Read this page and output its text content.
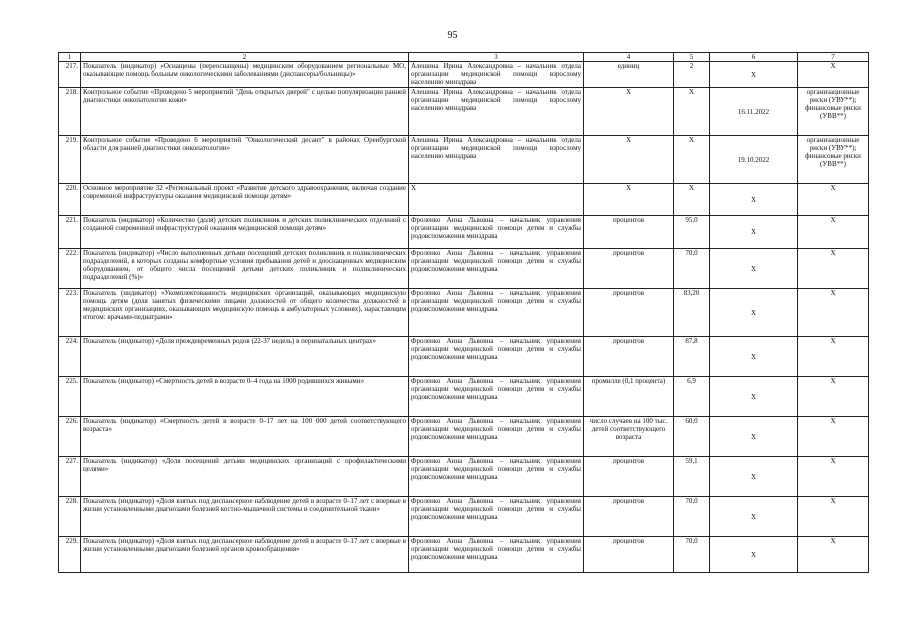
95
1	2	3	4	5	6	7
217.	Показатель (индикатор) «Оснащены (переоснащены) медицинским оборудованием региональные МО, оказывающие помощь больным онкологическими заболеваниями (диспансеры/больницы)»	Алешина Ирина Александровна – начальник отдела организации медицинской помощи взрослому населению минздрава	единиц	2	X	X
218.	Контрольное событие «Проведено 5 мероприятий "День открытых дверей" с целью популяризации ранней диагностики онкопатологии кожи»	Алешина Ирина Александровна – начальник отдела организации медицинской помощи взрослому населению минздрава	X	X	16.11.2022	организационные риски (УВУ**); финансовые риски (УВВ**)
219.	Контрольное событие «Проведено 6 мероприятий "Онкологический десант" в районах Оренбургской области для ранней диагностики онкопатологии»	Алешина Ирина Александровна – начальник отдела организации медицинской помощи взрослому населению минздрава	X	X	19.10.2022	организационные риски (УВУ**); финансовые риски (УВВ**)
220.	Основное мероприятие 32 «Региональный проект «Развитие детского здравоохранения, включая создание современной инфраструктуры оказания медицинской помощи детям»	X	X	X	X	X
221.	Показатель (индикатор) «Количество (доля) детских поликлиник и детских поликлинических отделений с созданной современной инфраструктурой оказания медицинской помощи детям»	Фроленко Анна Львовна – начальник управления организации медицинской помощи детям и службы родовспоможения минздрава	процентов	95,0	X	X
222.	Показатель (индикатор) «Число выполненных детьми посещений детских поликлиник и поликлинических подразделений, в которых созданы комфортные условия пребывания детей и дооснащенных медицинским оборудованием, от общего числа посещений детьми детских поликлиник и поликлинических подразделений (%)»	Фроленко Анна Львовна – начальник управления организации медицинской помощи детям и службы родовспоможения минздрава	процентов	70,0	X	X
223.	Показатель (индикатор) «Укомплектованность медицинских организаций, оказывающих медицинскую помощь детям (доля занятых физическими лицами должностей от общего количества должностей в медицинских организациях, оказывающих медицинскую помощь в амбулаторных условиях), нарастающим итогом: врачами-педиатрами»	Фроленко Анна Львовна – начальник управления организации медицинской помощи детям и службы родовспоможения минздрава	процентов	83,20	X	X
224.	Показатель (индикатор) «Доля преждевременных родов (22-37 недель) в перинатальных центрах»	Фроленко Анна Львовна – начальник управления организации медицинской помощи детям и службы родовспоможения минздрава	процентов	87,8	X	X
225.	Показатель (индикатор) «Смертность детей в возрасте 0–4 года на 1000 родившихся живыми»	Фроленко Анна Львовна – начальник управления организации медицинской помощи детям и службы родовспоможения минздрава	промилле (0,1 процента)	6,9	X	X
226.	Показатель (индикатор) «Смертность детей в возрасте 0–17 лет на 100 000 детей соответствующего возраста»	Фроленко Анна Львовна – начальник управления организации медицинской помощи детям и службы родовспоможения минздрава	число случаев на 100 тыс. детей соответствующего возраста	60,0	X	X
227.	Показатель (индикатор) «Доля посещений детьми медицинских организаций с профилактическими целями»	Фроленко Анна Львовна – начальник управления организации медицинской помощи детям и службы родовспоможения минздрава	процентов	59,1	X	X
228.	Показатель (индикатор) «Доля взятых под диспансерное наблюдение детей в возрасте 0–17 лет с впервые в жизни установленными диагнозами болезней костно-мышечной системы и соединительной ткани»	Фроленко Анна Львовна – начальник управления организации медицинской помощи детям и службы родовспоможения минздрава	процентов	70,0	X	X
229.	Показатель (индикатор) «Доля взятых под диспансерное наблюдение детей в возрасте 0–17 лет с впервые в жизни установленными диагнозами болезней органов кровообращения»	Фроленко Анна Львовна – начальник управления организации медицинской помощи детям и службы родовспоможения минздрава	процентов	70,0	X	X
